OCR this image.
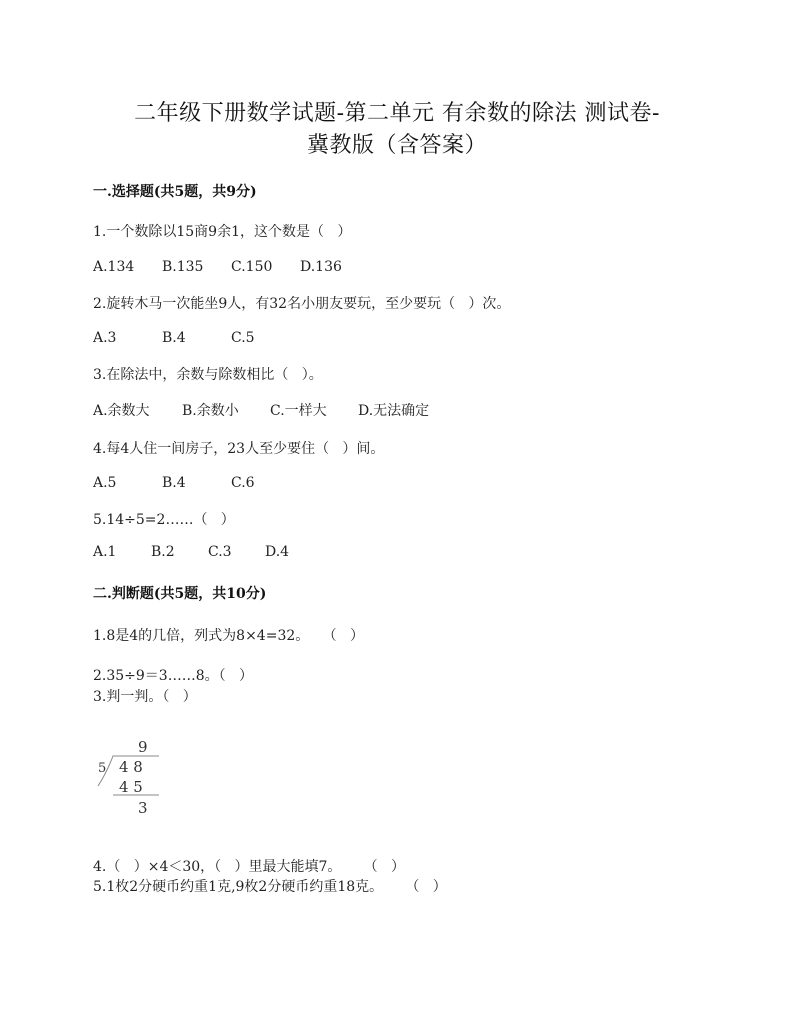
二年级下册数学试题-第二单元 有余数的除法 测试卷-
冀教版（含答案）
一.选择题(共5题，共9分)
1.一个数除以15商9余1，这个数是（   ）
A.134 B.135 C.150 D.136
2.旋转木马一次能坐9人，有32名小朋友要玩，至少要玩（   ）次。
A.3	B.4	C.5
3.在除法中，余数与除数相比（   ）。
A.余数大 B.余数小 C.一样大 D.无法确定
4.每4人住一间房子，23人至少要住（   ）间。
A.5	B.4	C.6
5.14÷5=2……（   ）
A.1 B.2 C.3 D.4
二.判断题(共5题，共10分)
1.8是4的几倍，列式为8×4=32。   （   ）
2.35÷9＝3……8。（   ）
3.判一判。（   ）
9
5 4 8
4 5
3
4.（   ）×4＜30，（   ）里最大能填7。     （   ）
5.1枚2分硬币约重1克,9枚2分硬币约重18克。     （   ）
